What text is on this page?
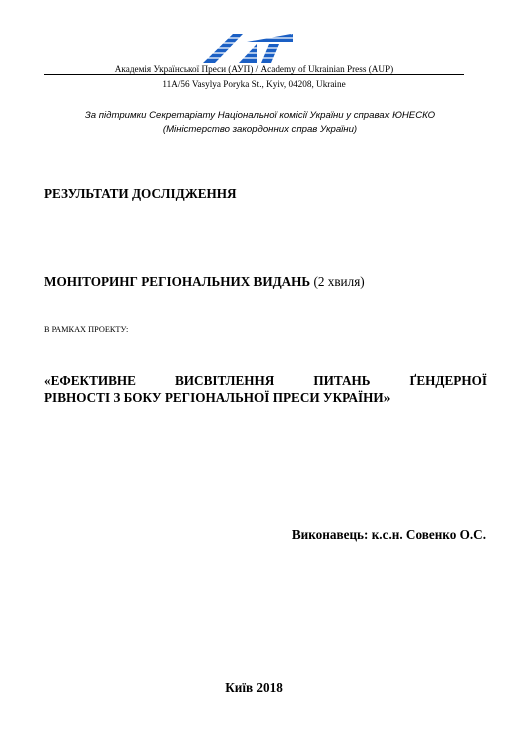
Академія Української Преси (АУП) / Academy of Ukrainian Press (AUP)
11А/56 Vasylya Poryka St., Kyiv, 04208, Ukraine
За підтримки Секретаріату Національної комісії України у справах ЮНЕСКО
(Міністерство закордонних справ України)
РЕЗУЛЬТАТИ ДОСЛІДЖЕННЯ
МОНІТОРИНГ РЕГІОНАЛЬНИХ ВИДАНЬ (2 хвиля)
В РАМКАХ ПРОЕКТУ:
«ЕФЕКТИВНЕ ВИСВІТЛЕННЯ ПИТАНЬ ҐЕНДЕРНОЇ
РІВНОСТІ З БОКУ РЕГІОНАЛЬНОЇ ПРЕСИ УКРАЇНИ»
Виконавець: к.с.н. Совенко О.С.
Київ 2018
